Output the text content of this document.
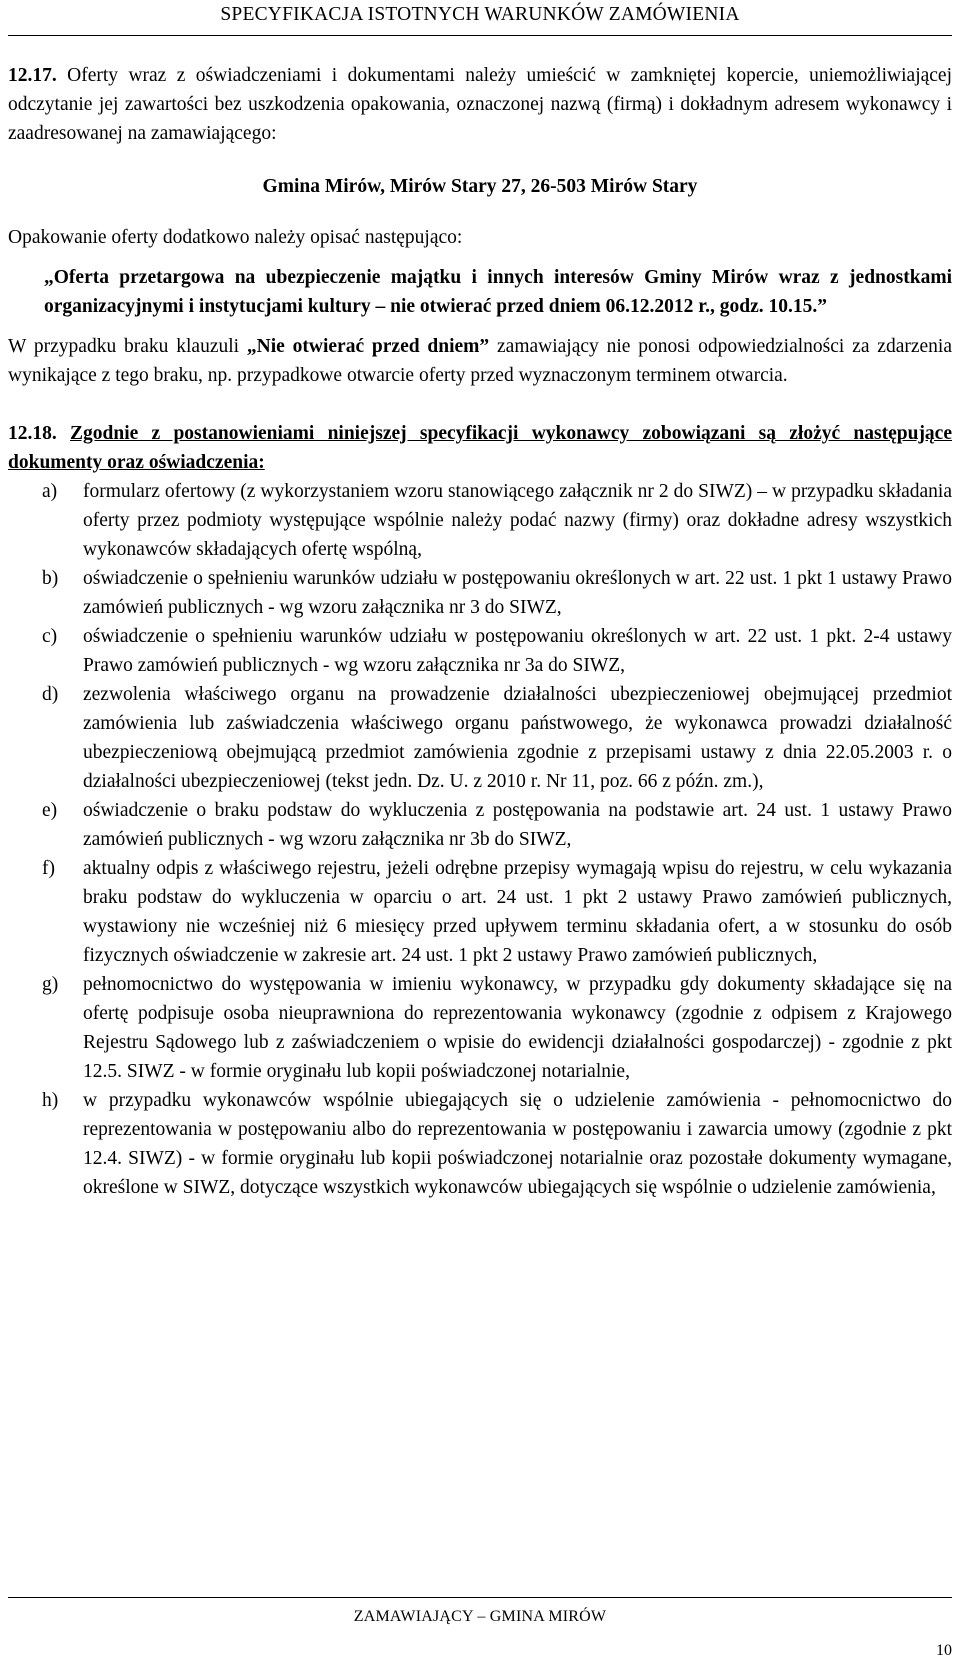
SPECYFIKACJA ISTOTNYCH WARUNKÓW ZAMÓWIENIA

12.17. Oferty wraz z oświadczeniami i dokumentami należy umieścić w zamkniętej kopercie, uniemożliwiającej odczytanie jej zawartości bez uszkodzenia opakowania, oznaczonej nazwą (firmą) i dokładnym adresem wykonawcy i zaadresowanej na zamawiającego:

Gmina Mirów, Mirów Stary 27, 26-503 Mirów Stary

Opakowanie oferty dodatkowo należy opisać następująco:

„Oferta przetargowa na ubezpieczenie majątku i innych interesów Gminy Mirów wraz z jednostkami organizacyjnymi i instytucjami kultury – nie otwierać przed dniem 06.12.2012 r., godz. 10.15.”

W przypadku braku klauzuli „Nie otwierać przed dniem” zamawiający nie ponosi odpowiedzialności za zdarzenia wynikające z tego braku, np. przypadkowe otwarcie oferty przed wyznaczonym terminem otwarcia.

12.18. Zgodnie z postanowieniami niniejszej specyfikacji wykonawcy zobowiązani są złożyć następujące dokumenty oraz oświadczenia:

a) formularz ofertowy (z wykorzystaniem wzoru stanowiącego załącznik nr 2 do SIWZ) – w przypadku składania oferty przez podmioty występujące wspólnie należy podać nazwy (firmy) oraz dokładne adresy wszystkich wykonawców składających ofertę wspólną,
b) oświadczenie o spełnieniu warunków udziału w postępowaniu określonych w art. 22 ust. 1 pkt 1 ustawy Prawo zamówień publicznych - wg wzoru załącznika nr 3 do SIWZ,
c) oświadczenie o spełnieniu warunków udziału w postępowaniu określonych w art. 22 ust. 1 pkt. 2-4 ustawy Prawo zamówień publicznych - wg wzoru załącznika nr 3a do SIWZ,
d) zezwolenia właściwego organu na prowadzenie działalności ubezpieczeniowej obejmującej przedmiot zamówienia lub zaświadczenia właściwego organu państwowego, że wykonawca prowadzi działalność ubezpieczeniową obejmującą przedmiot zamówienia zgodnie z przepisami ustawy z dnia 22.05.2003 r. o działalności ubezpieczeniowej (tekst jedn. Dz. U. z 2010 r. Nr 11, poz. 66 z późn. zm.),
e) oświadczenie o braku podstaw do wykluczenia z postępowania na podstawie art. 24 ust. 1 ustawy Prawo zamówień publicznych - wg wzoru załącznika nr 3b do SIWZ,
f) aktualny odpis z właściwego rejestru, jeżeli odrębne przepisy wymagają wpisu do rejestru, w celu wykazania braku podstaw do wykluczenia w oparciu o art. 24 ust. 1 pkt 2 ustawy Prawo zamówień publicznych, wystawiony nie wcześniej niż 6 miesięcy przed upływem terminu składania ofert, a w stosunku do osób fizycznych oświadczenie w zakresie art. 24 ust. 1 pkt 2 ustawy Prawo zamówień publicznych,
g) pełnomocnictwo do występowania w imieniu wykonawcy, w przypadku gdy dokumenty składające się na ofertę podpisuje osoba nieuprawniona do reprezentowania wykonawcy (zgodnie z odpisem z Krajowego Rejestru Sądowego lub z zaświadczeniem o wpisie do ewidencji działalności gospodarczej) - zgodnie z pkt 12.5. SIWZ - w formie oryginału lub kopii poświadczonej notarialnie,
h) w przypadku wykonawców wspólnie ubiegających się o udzielenie zamówienia - pełnomocnictwo do reprezentowania w postępowaniu albo do reprezentowania w postępowaniu i zawarcia umowy (zgodnie z pkt 12.4. SIWZ) - w formie oryginału lub kopii poświadczonej notarialnie oraz pozostałe dokumenty wymagane, określone w SIWZ, dotyczące wszystkich wykonawców ubiegających się wspólnie o udzielenie zamówienia,
ZAMAWIAJĄCY – GMINA MIRÓW
10
